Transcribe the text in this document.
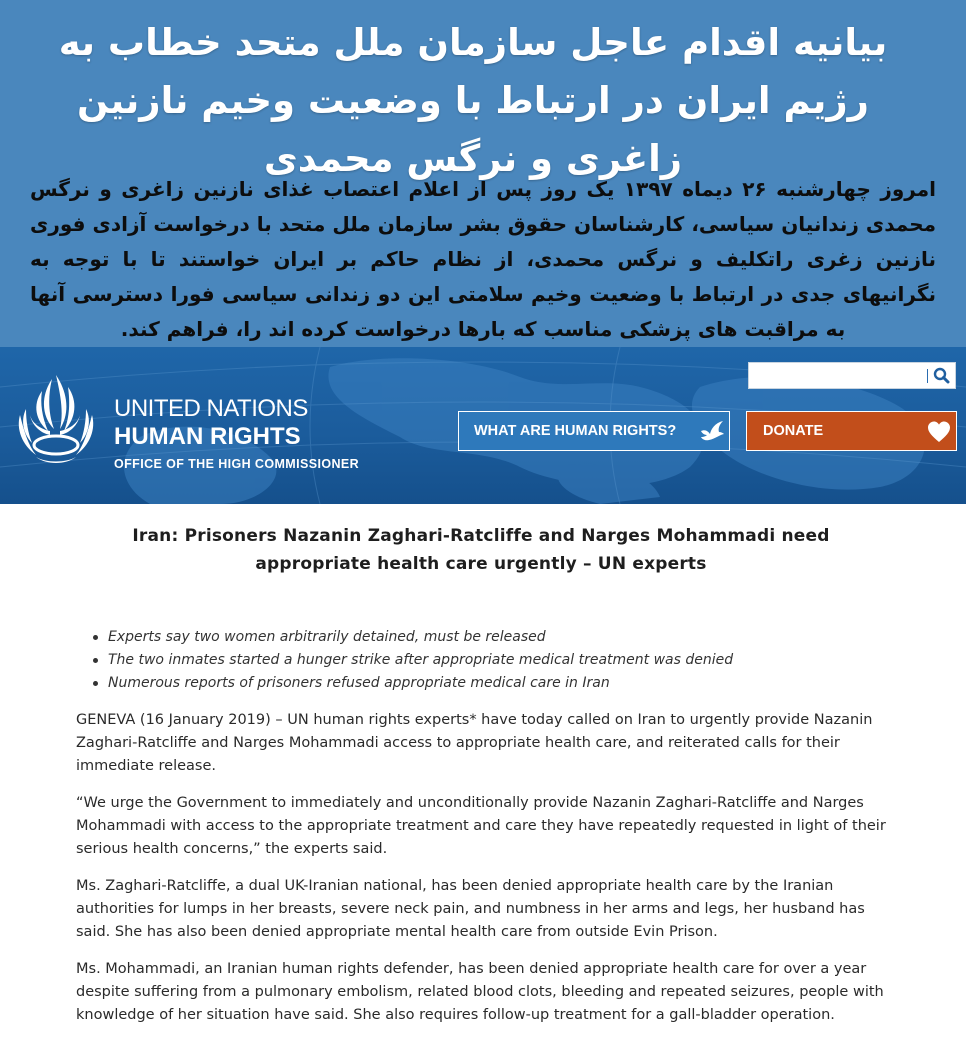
بیانیه اقدام عاجل سازمان ملل متحد خطاب به رژیم ایران در ارتباط با وضعیت وخیم نازنین زاغری و نرگس محمدی

امروز چهارشنبه ۲۶ دیماه ۱۳۹۷ یک روز پس از اعلام اعتصاب غذای نازنین زاغری و نرگس محمدی زندانیان سیاسی، کارشناسان حقوق بشر سازمان ملل متحد با درخواست آزادی فوری نازنین زغری راتکلیف و نرگس محمدی، از نظام حاکم بر ایران خواستند تا با توجه به نگرانیهای جدی در ارتباط با وضعیت وخیم سلامتی این دو زندانی سیاسی فورا دسترسی آنها به مراقبت های پزشکی مناسب که بارها درخواست کرده اند را، فراهم کند.

UNITED NATIONS
HUMAN RIGHTS
OFFICE OF THE HIGH COMMISSIONER
WHAT ARE HUMAN RIGHTS?	DONATE
Iran: Prisoners Nazanin Zaghari-Ratcliffe and Narges Mohammadi need appropriate health care urgently – UN experts
Experts say two women arbitrarily detained, must be released
The two inmates started a hunger strike after appropriate medical treatment was denied
Numerous reports of prisoners refused appropriate medical care in Iran

GENEVA (16 January 2019) – UN human rights experts* have today called on Iran to urgently provide Nazanin Zaghari-Ratcliffe and Narges Mohammadi access to appropriate health care, and reiterated calls for their immediate release.

“We urge the Government to immediately and unconditionally provide Nazanin Zaghari-Ratcliffe and Narges Mohammadi with access to the appropriate treatment and care they have repeatedly requested in light of their serious health concerns,” the experts said.

Ms. Zaghari-Ratcliffe, a dual UK-Iranian national, has been denied appropriate health care by the Iranian authorities for lumps in her breasts, severe neck pain, and numbness in her arms and legs, her husband has said. She has also been denied appropriate mental health care from outside Evin Prison.

Ms. Mohammadi, an Iranian human rights defender, has been denied appropriate health care for over a year despite suffering from a pulmonary embolism, related blood clots, bleeding and repeated seizures, people with knowledge of her situation have said. She also requires follow-up treatment for a gall-bladder operation.
